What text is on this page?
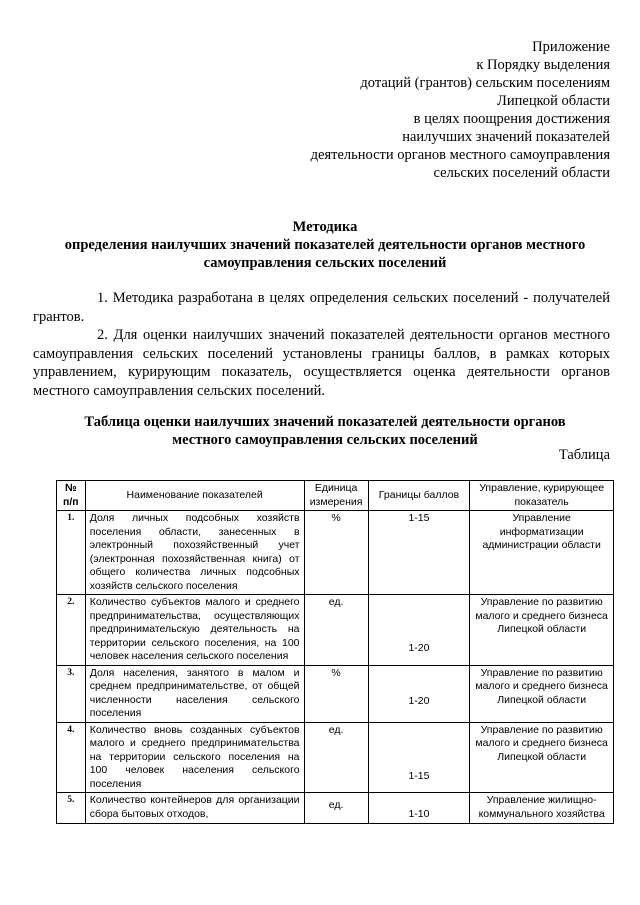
Приложение
к Порядку выделения
дотаций (грантов) сельским поселениям
Липецкой области
в целях поощрения достижения
наилучших значений показателей
деятельности органов местного самоуправления
сельских поселений области
Методика
определения наилучших значений показателей деятельности органов местного
самоуправления сельских поселений
1. Методика разработана в целях определения сельских поселений - получателей грантов.
2. Для оценки наилучших значений показателей деятельности органов местного самоуправления сельских поселений установлены границы баллов, в рамках которых управлением, курирующим показатель, осуществляется оценка деятельности органов местного самоуправления сельских поселений.
Таблица оценки наилучших значений показателей деятельности органов
местного самоуправления сельских поселений
Таблица
№ п/п	Наименование показателей	Единица измерения	Границы баллов	Управление, курирующее показатель
1.	Доля личных подсобных хозяйств поселения области, занесенных в электронный похозяйственный учет (электронная похозяйственная книга) от общего количества личных подсобных хозяйств сельского поселения	%	1-15	Управление информатизации администрации области
2.	Количество субъектов малого и среднего предпринимательства, осуществляющих предпринимательскую деятельность на территории сельского поселения, на 100 человек населения сельского поселения	ед.	1-20	Управление по развитию малого и среднего бизнеса Липецкой области
3.	Доля населения, занятого в малом и среднем предпринимательстве, от общей численности населения сельского поселения	%	1-20	Управление по развитию малого и среднего бизнеса Липецкой области
4.	Количество вновь созданных субъектов малого и среднего предпринимательства на территории сельского поселения на 100 человек населения сельского поселения	ед.	1-15	Управление по развитию малого и среднего бизнеса Липецкой области
5.	Количество контейнеров для организации сбора бытовых отходов,	ед.	1-10	Управление жилищно-коммунального хозяйства
